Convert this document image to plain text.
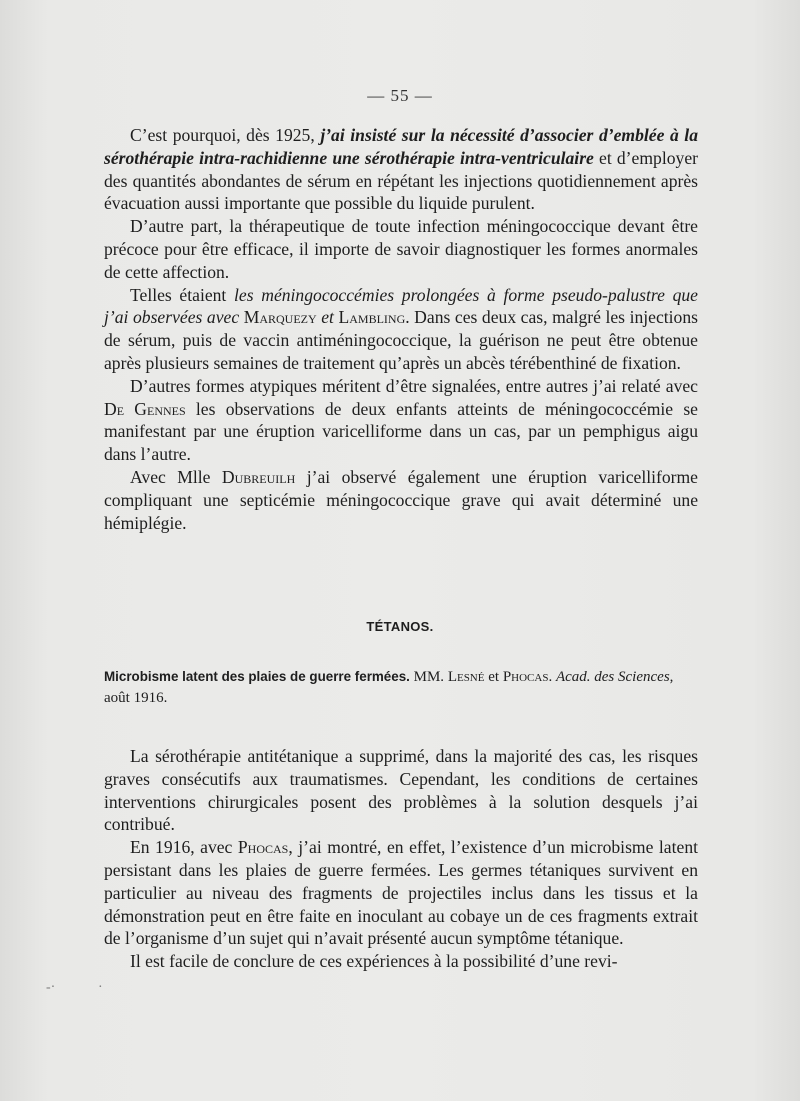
— 55 —

C’est pourquoi, dès 1925, j’ai insisté sur la nécessité d’associer d’emblée à la sérothérapie intra-rachidienne une sérothérapie intra-ventriculaire et d’employer des quantités abondantes de sérum en répétant les injections quotidiennement après évacuation aussi importante que possible du liquide purulent.

D’autre part, la thérapeutique de toute infection méningococcique devant être précoce pour être efficace, il importe de savoir diagnostiquer les formes anormales de cette affection.

Telles étaient les méningococcémies prolongées à forme pseudo-palustre que j’ai observées avec Marquezy et Lambling. Dans ces deux cas, malgré les injections de sérum, puis de vaccin antiméningococcique, la guérison ne peut être obtenue après plusieurs semaines de traitement qu’après un abcès térébenthiné de fixation.

D’autres formes atypiques méritent d’être signalées, entre autres j’ai relaté avec De Gennes les observations de deux enfants atteints de méningococcémie se manifestant par une éruption varicelliforme dans un cas, par un pemphigus aigu dans l’autre.

Avec Mlle Dubreuilh j’ai observé également une éruption varicelliforme compliquant une septicémie méningococcique grave qui avait déterminé une hémiplégie.

TÉTANOS.
Microbisme latent des plaies de guerre fermées. MM. Lesné et Phocas. Acad. des Sciences, août 1916.

La sérothérapie antitétanique a supprimé, dans la majorité des cas, les risques graves consécutifs aux traumatismes. Cependant, les conditions de certaines interventions chirurgicales posent des problèmes à la solution desquels j’ai contribué.

En 1916, avec Phocas, j’ai montré, en effet, l’existence d’un microbisme latent persistant dans les plaies de guerre fermées. Les germes tétaniques survivent en particulier au niveau des fragments de projectiles inclus dans les tissus et la démonstration peut en être faite en inoculant au cobaye un de ces fragments extrait de l’organisme d’un sujet qui n’avait présenté aucun symptôme tétanique.

Il est facile de conclure de ces expériences à la possibilité d’une revi-

-·	·
